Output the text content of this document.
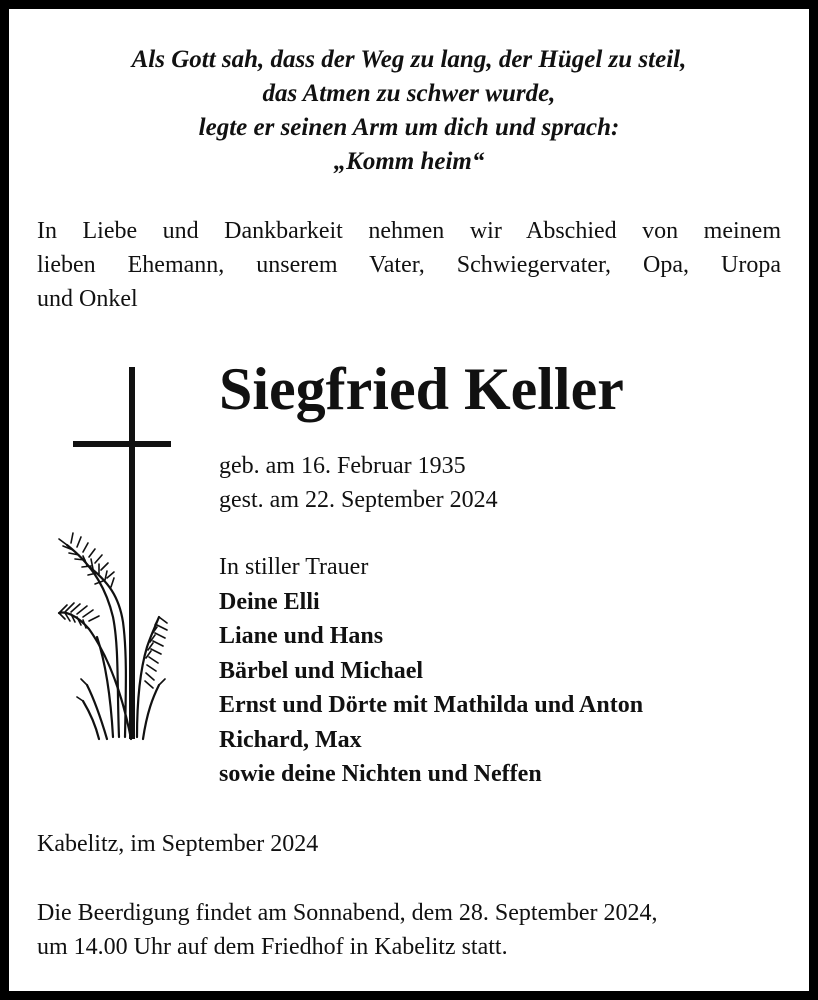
Als Gott sah, dass der Weg zu lang, der Hügel zu steil,
das Atmen zu schwer wurde,
legte er seinen Arm um dich und sprach:
„Komm heim“
In Liebe und Dankbarkeit nehmen wir Abschied von meinem
lieben Ehemann, unserem Vater, Schwiegervater, Opa, Uropa
und Onkel
Siegfried Keller
geb. am 16. Februar 1935
gest. am 22. September 2024
In stiller Trauer
Deine Elli
Liane und Hans
Bärbel und Michael
Ernst und Dörte mit Mathilda und Anton
Richard, Max
sowie deine Nichten und Neffen
Kabelitz, im September 2024
Die Beerdigung findet am Sonnabend, dem 28. September 2024,
um 14.00 Uhr auf dem Friedhof in Kabelitz statt.
